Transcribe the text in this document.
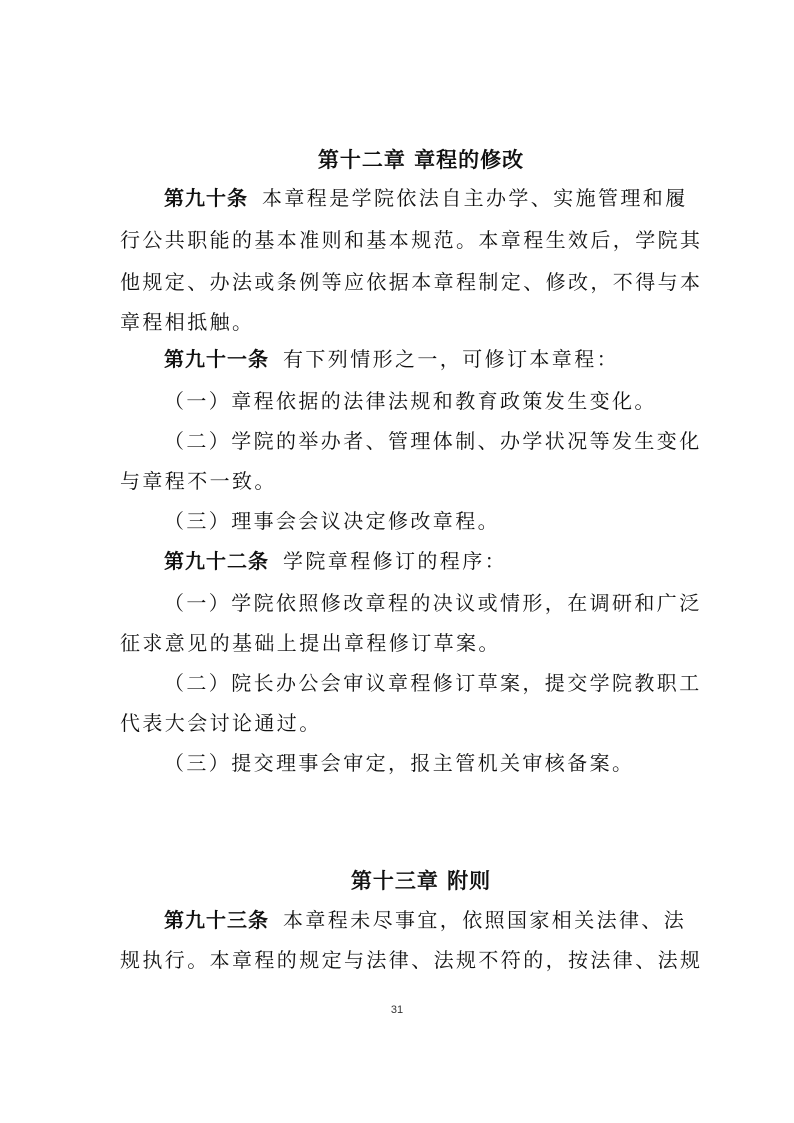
第十二章 章程的修改
第九十条 本章程是学院依法自主办学、实施管理和履
行公共职能的基本准则和基本规范。本章程生效后，学院其
他规定、办法或条例等应依据本章程制定、修改，不得与本
章程相抵触。
第九十一条 有下列情形之一，可修订本章程：
（一）章程依据的法律法规和教育政策发生变化。
（二）学院的举办者、管理体制、办学状况等发生变化
与章程不一致。
（三）理事会会议决定修改章程。
第九十二条 学院章程修订的程序：
（一）学院依照修改章程的决议或情形，在调研和广泛
征求意见的基础上提出章程修订草案。
（二）院长办公会审议章程修订草案，提交学院教职工
代表大会讨论通过。
（三）提交理事会审定，报主管机关审核备案。
第十三章 附则
第九十三条 本章程未尽事宜，依照国家相关法律、法
规执行。本章程的规定与法律、法规不符的，按法律、法规
31
